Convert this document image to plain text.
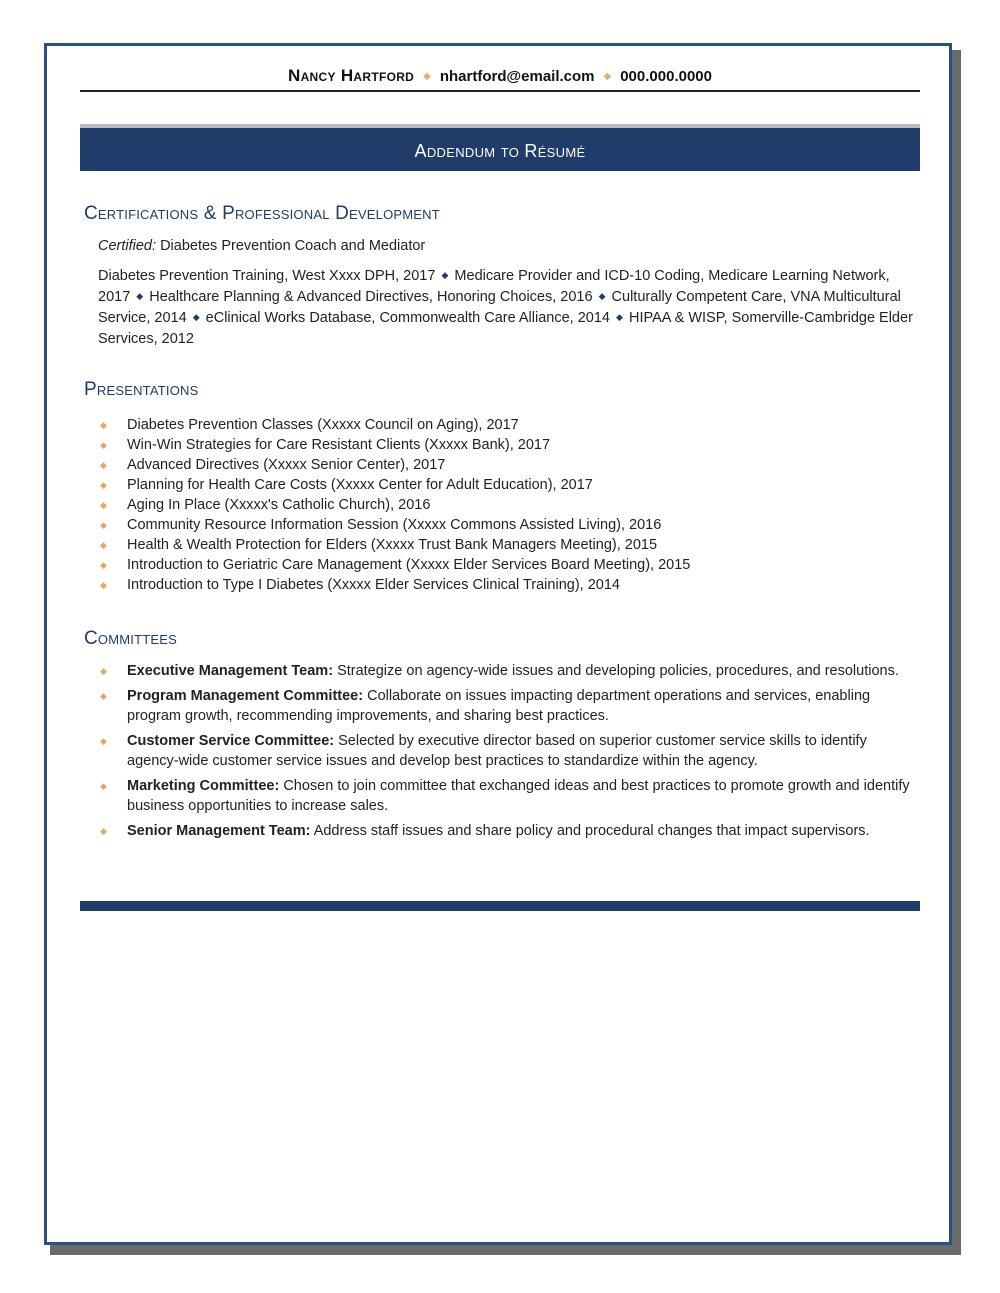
Nancy Hartford ◆ nhartford@email.com ◆ 000.000.0000
Addendum to Résumé
Certifications & Professional Development
Certified: Diabetes Prevention Coach and Mediator
Diabetes Prevention Training, West Xxxx DPH, 2017 ◆ Medicare Provider and ICD-10 Coding, Medicare Learning Network, 2017 ◆ Healthcare Planning & Advanced Directives, Honoring Choices, 2016 ◆ Culturally Competent Care, VNA Multicultural Service, 2014 ◆ eClinical Works Database, Commonwealth Care Alliance, 2014 ◆ HIPAA & WISP, Somerville-Cambridge Elder Services, 2012
Presentations
◆ Diabetes Prevention Classes (Xxxxx Council on Aging), 2017
◆ Win-Win Strategies for Care Resistant Clients (Xxxxx Bank), 2017
◆ Advanced Directives (Xxxxx Senior Center), 2017
◆ Planning for Health Care Costs (Xxxxx Center for Adult Education), 2017
◆ Aging In Place (Xxxxx's Catholic Church), 2016
◆ Community Resource Information Session (Xxxxx Commons Assisted Living), 2016
◆ Health & Wealth Protection for Elders (Xxxxx Trust Bank Managers Meeting), 2015
◆ Introduction to Geriatric Care Management (Xxxxx Elder Services Board Meeting), 2015
◆ Introduction to Type I Diabetes (Xxxxx Elder Services Clinical Training), 2014
Committees
◆ Executive Management Team: Strategize on agency-wide issues and developing policies, procedures, and resolutions.
◆ Program Management Committee: Collaborate on issues impacting department operations and services, enabling program growth, recommending improvements, and sharing best practices.
◆ Customer Service Committee: Selected by executive director based on superior customer service skills to identify agency-wide customer service issues and develop best practices to standardize within the agency.
◆ Marketing Committee: Chosen to join committee that exchanged ideas and best practices to promote growth and identify business opportunities to increase sales.
◆ Senior Management Team: Address staff issues and share policy and procedural changes that impact supervisors.
